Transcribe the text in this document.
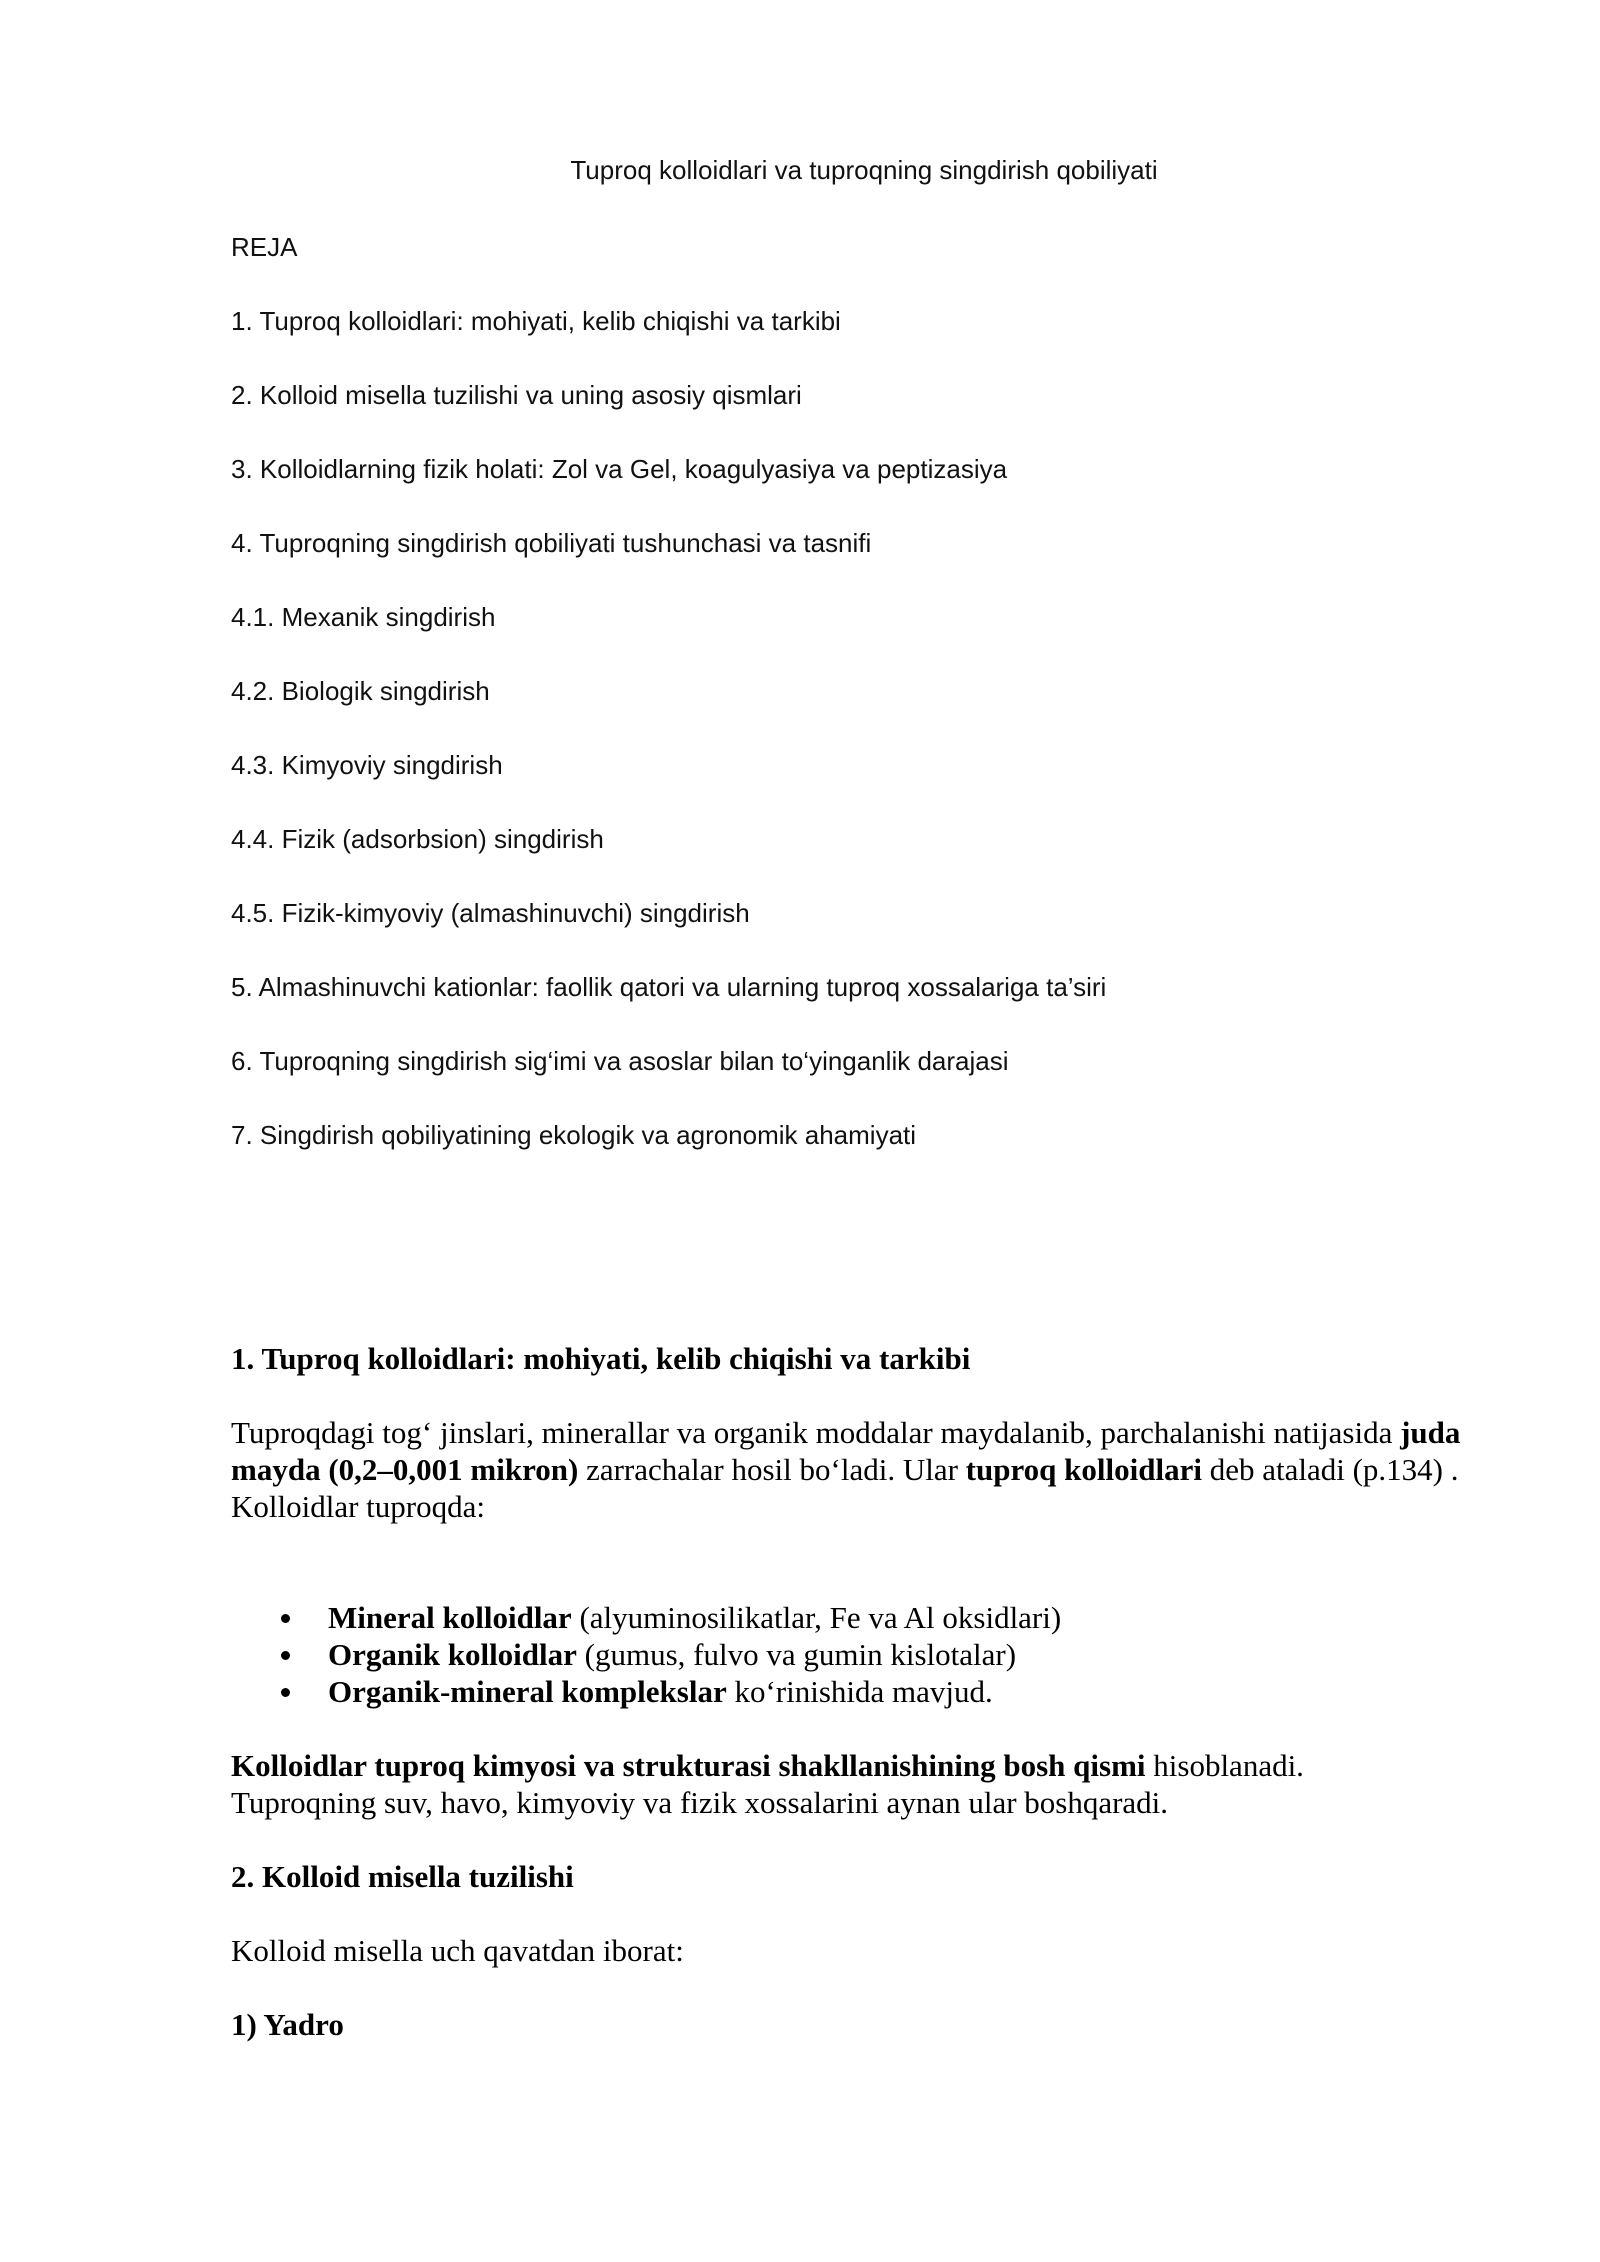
Tuproq kolloidlari va tuproqning singdirish qobiliyati
REJA
1. Tuproq kolloidlari: mohiyati, kelib chiqishi va tarkibi
2. Kolloid misella tuzilishi va uning asosiy qismlari
3. Kolloidlarning fizik holati: Zol va Gel, koagulyasiya va peptizasiya
4. Tuproqning singdirish qobiliyati tushunchasi va tasnifi
4.1. Mexanik singdirish
4.2. Biologik singdirish
4.3. Kimyoviy singdirish
4.4. Fizik (adsorbsion) singdirish
4.5. Fizik-kimyoviy (almashinuvchi) singdirish
5. Almashinuvchi kationlar: faollik qatori va ularning tuproq xossalariga ta’siri
6. Tuproqning singdirish sig‘imi va asoslar bilan to‘yinganlik darajasi
7. Singdirish qobiliyatining ekologik va agronomik ahamiyati
1. Tuproq kolloidlari: mohiyati, kelib chiqishi va tarkibi
Tuproqdagi tog‘ jinslari, minerallar va organik moddalar maydalanib, parchalanishi natijasida juda mayda (0,2–0,001 mikron) zarrachalar hosil bo‘ladi. Ular tuproq kolloidlari deb ataladi (p.134) .
Kolloidlar tuproqda:
Mineral kolloidlar (alyuminosilikatlar, Fe va Al oksidlari)
Organik kolloidlar (gumus, fulvo va gumin kislotalar)
Organik-mineral komplekslar ko‘rinishida mavjud.
Kolloidlar tuproq kimyosi va strukturasi shakllanishining bosh qismi hisoblanadi. Tuproqning suv, havo, kimyoviy va fizik xossalarini aynan ular boshqaradi.
2. Kolloid misella tuzilishi
Kolloid misella uch qavatdan iborat:
1) Yadro
